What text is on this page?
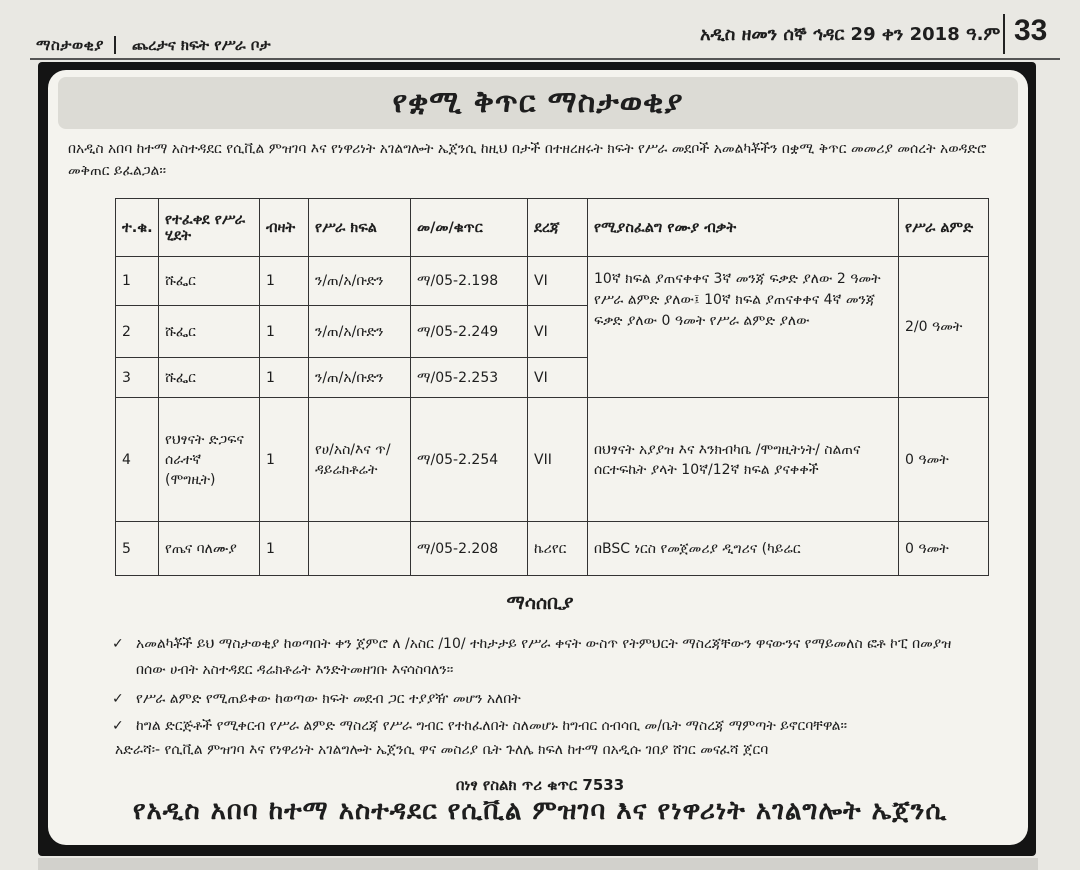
ማስታወቂያ ጨረታና ክፍት የሥራ ቦታ	አዲስ ዘመን ሰኞ ኅዳር 29 ቀን 2018 ዓ.ም 33
የቋሚ ቅጥር ማስታወቂያ
በአዲስ አበባ ከተማ አስተዳደር የሲቪል ምዝገባ እና የነዋሪነት አገልግሎት ኤጀንሲ ከዚህ በታች በተዘረዘሩት ክፍት የሥራ መደቦች አመልካቾችን በቋሚ ቅጥር መመሪያ መሰረት አወዳድሮ መቅጠር ይፈልጋል፡፡
ተ.ቁ.	የተፈቀደ የሥራ ሂደት	ብዛት	የሥራ ክፍል	መ/መ/ቁጥር	ደረጃ	የሚያስፈልግ የሙያ ብቃት	የሥራ ልምድ
1	ሹፌር	1	ን/ጠ/አ/ቡድን	ማ/05-2.198	VI	10ኛ ክፍል ያጠናቀቀና 3ኛ መንጃ ፍቃድ ያለው 2 ዓመት የሥራ ልምድ ያለው፤ 10ኛ ክፍል ያጠናቀቀና 4ኛ መንጃ ፍቃድ ያለው 0 ዓመት የሥራ ልምድ ያለው	2/0 ዓመት
2	ሹፌር	1	ን/ጠ/አ/ቡድን	ማ/05-2.249	VI		
3	ሹፌር	1	ን/ጠ/አ/ቡድን	ማ/05-2.253	VI		
4	የህፃናት ድጋፍና ሰራተኛ (ሞግዚት)	1	የሀ/አስ/እና ጥ/ ዳይሬክቶሬት	ማ/05-2.254	VII	በህፃናት አያያዝ እና እንክብካቤ /ሞግዚትነት/ ስልጠና ሰርተፍኬት ያላት 10ኛ/12ኛ ክፍል ያናቀቀች	0 ዓመት
5	የጤና ባለሙያ	1		ማ/05-2.208	ኬሪየር	በBSC ነርስ የመጀመሪያ ዲግሪና (ካይሬር	0 ዓመት
ማሳሰቢያ
✓ አመልካቾች ይህ ማስታወቂያ ከወጣበት ቀን ጀምሮ ለ /አስር /10/ ተከታታይ የሥራ ቀናት ውስጥ የትምህርት ማስረጃቸውን ዋናውንና የማይመለስ ፎቶ ኮፒ በመያዝ
በሰው ሀብት አስተዳደር ዳሬክቶሬት እንድትመዘገቡ እናሳስባለን፡፡
✓ የሥራ ልምድ የሚጠይቀው ከወጣው ክፍት መደብ ጋር ተያያዥ መሆን አለበት
✓ ከግል ድርጅቶች የሚቀርብ የሥራ ልምድ ማስረጃ የሥራ ግብር የተከፈለበት ስለመሆኑ ከግብር ሰብሳቢ መ/ቤት ማስረጃ ማምጣት ይኖርባቸዋል፡፡
አድራሻ፡- የሲቪል ምዝገባ እና የነዋሪነት አገልግሎት ኤጀንሲ ዋና መስሪያ ቤት ጉለሌ ክፍለ ከተማ በአዲሱ ገበያ ሸገር መናፈሻ ጀርባ
በነፃ የስልክ ጥሪ ቁጥር 7533
የአዲስ አበባ ከተማ አስተዳደር የሲቪል ምዝገባ እና የነዋሪነት አገልግሎት ኤጀንሲ
